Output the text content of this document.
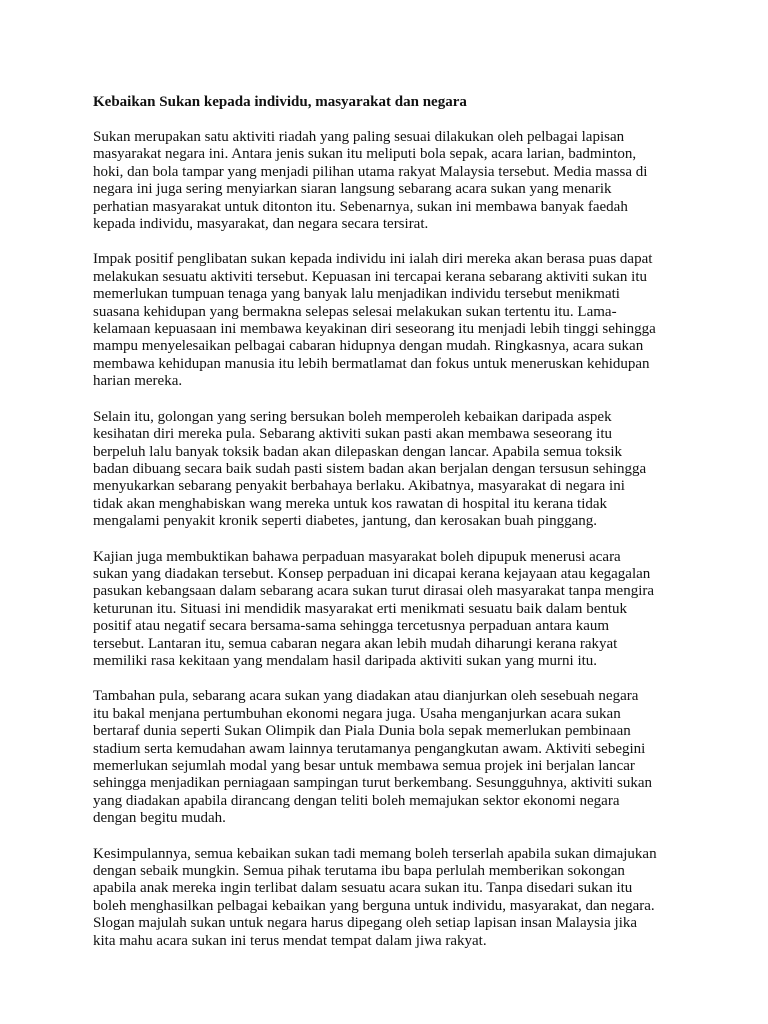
Kebaikan Sukan kepada individu, masyarakat dan negara
Sukan merupakan satu aktiviti riadah yang paling sesuai dilakukan oleh pelbagai lapisan
masyarakat negara ini. Antara jenis sukan itu meliputi bola sepak, acara larian, badminton,
hoki, dan bola tampar yang menjadi pilihan utama rakyat Malaysia tersebut. Media massa di
negara ini juga sering menyiarkan siaran langsung sebarang acara sukan yang menarik
perhatian masyarakat untuk ditonton itu. Sebenarnya, sukan ini membawa banyak faedah
kepada individu, masyarakat, dan negara secara tersirat.
Impak positif penglibatan sukan kepada individu ini ialah diri mereka akan berasa puas dapat
melakukan sesuatu aktiviti tersebut. Kepuasan ini tercapai kerana sebarang aktiviti sukan itu
memerlukan tumpuan tenaga yang banyak lalu menjadikan individu tersebut menikmati
suasana kehidupan yang bermakna selepas selesai melakukan sukan tertentu itu. Lama-
kelamaan kepuasaan ini membawa keyakinan diri seseorang itu menjadi lebih tinggi sehingga
mampu menyelesaikan pelbagai cabaran hidupnya dengan mudah. Ringkasnya, acara sukan
membawa kehidupan manusia itu lebih bermatlamat dan fokus untuk meneruskan kehidupan
harian mereka.
Selain itu, golongan yang sering bersukan boleh memperoleh kebaikan daripada aspek
kesihatan diri mereka pula. Sebarang aktiviti sukan pasti akan membawa seseorang itu
berpeluh lalu banyak toksik badan akan dilepaskan dengan lancar. Apabila semua toksik
badan dibuang secara baik sudah pasti sistem badan akan berjalan dengan tersusun sehingga
menyukarkan sebarang penyakit berbahaya berlaku. Akibatnya, masyarakat di negara ini
tidak akan menghabiskan wang mereka untuk kos rawatan di hospital itu kerana tidak
mengalami penyakit kronik seperti diabetes, jantung, dan kerosakan buah pinggang.
Kajian juga membuktikan bahawa perpaduan masyarakat boleh dipupuk menerusi acara
sukan yang diadakan tersebut. Konsep perpaduan ini dicapai kerana kejayaan atau kegagalan
pasukan kebangsaan dalam sebarang acara sukan turut dirasai oleh masyarakat tanpa mengira
keturunan itu. Situasi ini mendidik masyarakat erti menikmati sesuatu baik dalam bentuk
positif atau negatif secara bersama-sama sehingga tercetusnya perpaduan antara kaum
tersebut. Lantaran itu, semua cabaran negara akan lebih mudah diharungi kerana rakyat
memiliki rasa kekitaan yang mendalam hasil daripada aktiviti sukan yang murni itu.
Tambahan pula, sebarang acara sukan yang diadakan atau dianjurkan oleh sesebuah negara
itu bakal menjana pertumbuhan ekonomi negara juga. Usaha menganjurkan acara sukan
bertaraf dunia seperti Sukan Olimpik dan Piala Dunia bola sepak memerlukan pembinaan
stadium serta kemudahan awam lainnya terutamanya pengangkutan awam. Aktiviti sebegini
memerlukan sejumlah modal yang besar untuk membawa semua projek ini berjalan lancar
sehingga menjadikan perniagaan sampingan turut berkembang. Sesungguhnya, aktiviti sukan
yang diadakan apabila dirancang dengan teliti boleh memajukan sektor ekonomi negara
dengan begitu mudah.
Kesimpulannya, semua kebaikan sukan tadi memang boleh terserlah apabila sukan dimajukan
dengan sebaik mungkin. Semua pihak terutama ibu bapa perlulah memberikan sokongan
apabila anak mereka ingin terlibat dalam sesuatu acara sukan itu. Tanpa disedari sukan itu
boleh menghasilkan pelbagai kebaikan yang berguna untuk individu, masyarakat, dan negara.
Slogan majulah sukan untuk negara harus dipegang oleh setiap lapisan insan Malaysia jika
kita mahu acara sukan ini terus mendat tempat dalam jiwa rakyat.
